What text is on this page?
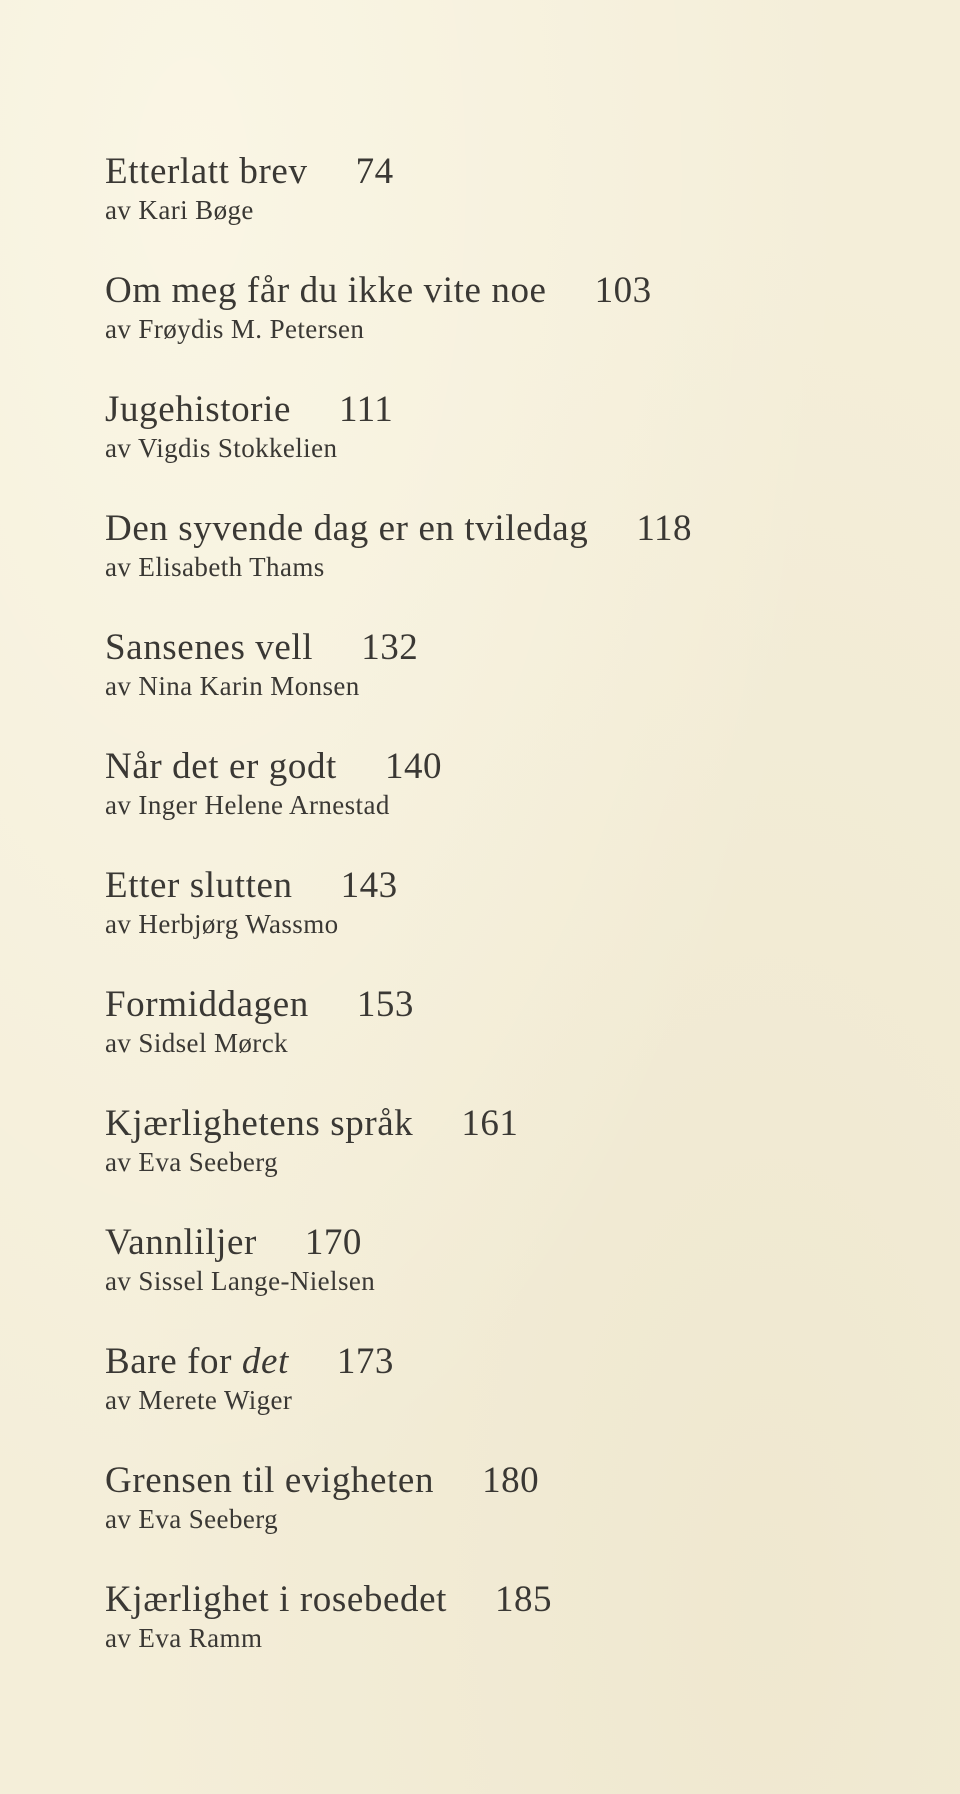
Etterlatt brev 74
av Kari Bøge
Om meg får du ikke vite noe 103
av Frøydis M. Petersen
Jugehistorie 111
av Vigdis Stokkelien
Den syvende dag er en tviledag 118
av Elisabeth Thams
Sansenes vell 132
av Nina Karin Monsen
Når det er godt 140
av Inger Helene Arnestad
Etter slutten 143
av Herbjørg Wassmo
Formiddagen 153
av Sidsel Mørck
Kjærlighetens språk 161
av Eva Seeberg
Vannliljer 170
av Sissel Lange-Nielsen
Bare for det 173
av Merete Wiger
Grensen til evigheten 180
av Eva Seeberg
Kjærlighet i rosebedet 185
av Eva Ramm
